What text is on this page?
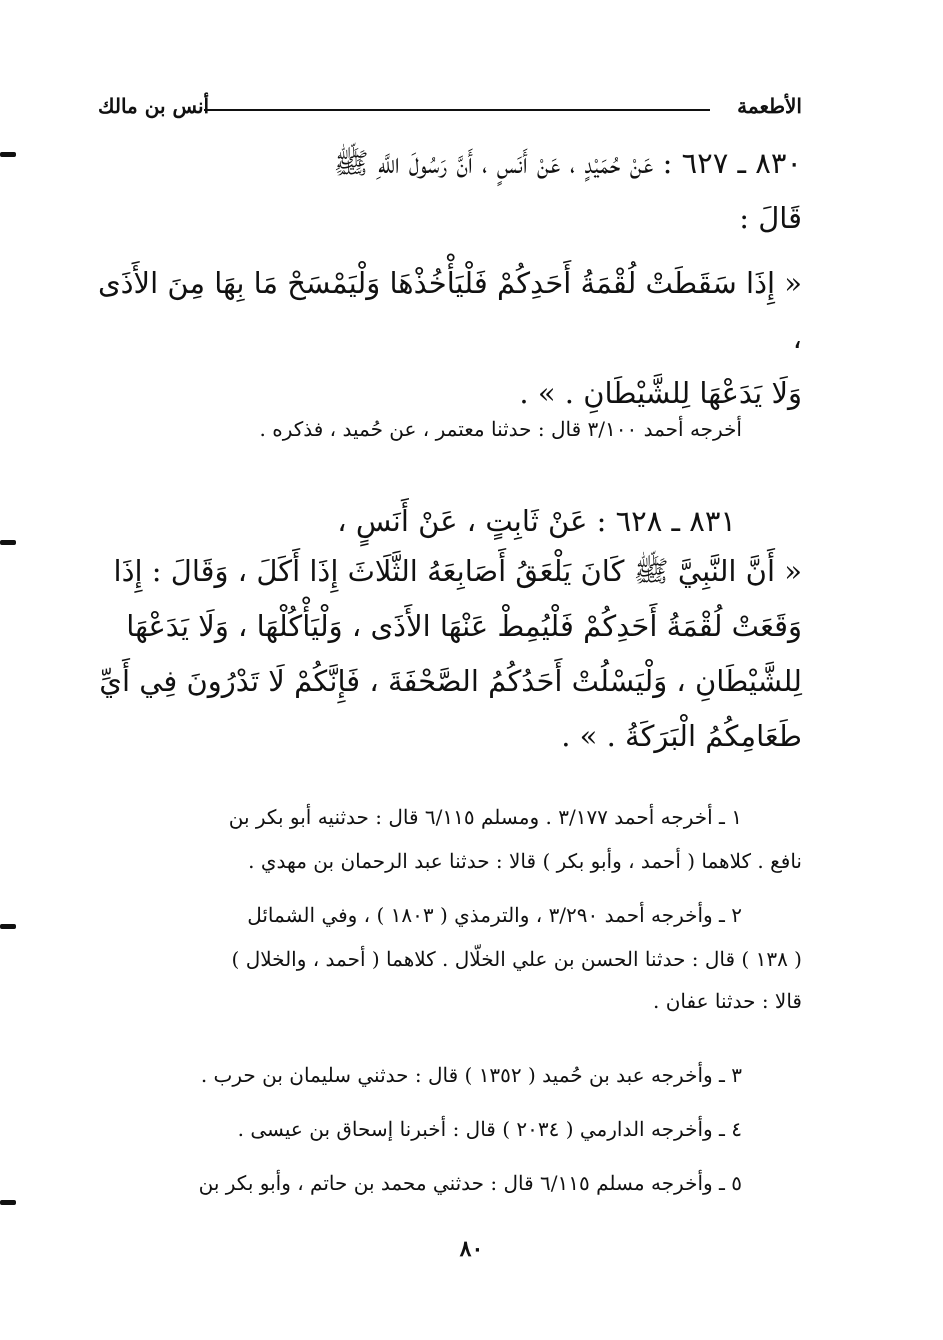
الأطعمة
أنس بن مالك

٨٣٠ ـ ٦٢٧ : عَنْ حُمَيْدٍ ، عَنْ أَنَسٍ ، أَنَّ رَسُولَ اللَّهِ ﷺ

قَالَ :

« إِذَا سَقَطَتْ لُقْمَةُ أَحَدِكُمْ فَلْيَأْخُذْهَا وَلْيَمْسَحْ مَا بِهَا مِنَ الأَذَى ،

وَلَا يَدَعْهَا لِلشَّيْطَانِ . » .

أخرجه أحمد ٣/١٠٠ قال : حدثنا معتمر ، عن حُميد ، فذكره .

٨٣١ ـ ٦٢٨ : عَنْ ثَابِتٍ ، عَنْ أَنَسٍ ،

« أَنَّ النَّبِيَّ ﷺ كَانَ يَلْعَقُ أَصَابِعَهُ الثَّلَاثَ إِذَا أَكَلَ ، وَقَالَ : إِذَا

وَقَعَتْ لُقْمَةُ أَحَدِكُمْ فَلْيُمِطْ عَنْهَا الأَذَى ، وَلْيَأْكُلْهَا ، وَلَا يَدَعْهَا

لِلشَّيْطَانِ ، وَلْيَسْلُتْ أَحَدُكُمُ الصَّحْفَةَ ، فَإِنَّكُمْ لَا تَدْرُونَ فِي أَيِّ

طَعَامِكُمُ الْبَرَكَةُ . » .

١ ـ أخرجه أحمد ٣/١٧٧ . ومسلم ٦/١١٥ قال : حدثنيه أبو بكر بن

نافع . كلاهما ( أحمد ، وأبو بكر ) قالا : حدثنا عبد الرحمان بن مهدي .

٢ ـ وأخرجه أحمد ٣/٢٩٠ ، والترمذي ( ١٨٠٣ ) ، وفي الشمائل

( ١٣٨ ) قال : حدثنا الحسن بن علي الخلّال . كلاهما ( أحمد ، والخلال )

قالا : حدثنا عفان .

٣ ـ وأخرجه عبد بن حُميد ( ١٣٥٢ ) قال : حدثني سليمان بن حرب .

٤ ـ وأخرجه الدارمي ( ٢٠٣٤ ) قال : أخبرنا إسحاق بن عيسى .

٥ ـ وأخرجه مسلم ٦/١١٥ قال : حدثني محمد بن حاتم ، وأبو بكر بن

٨٠
